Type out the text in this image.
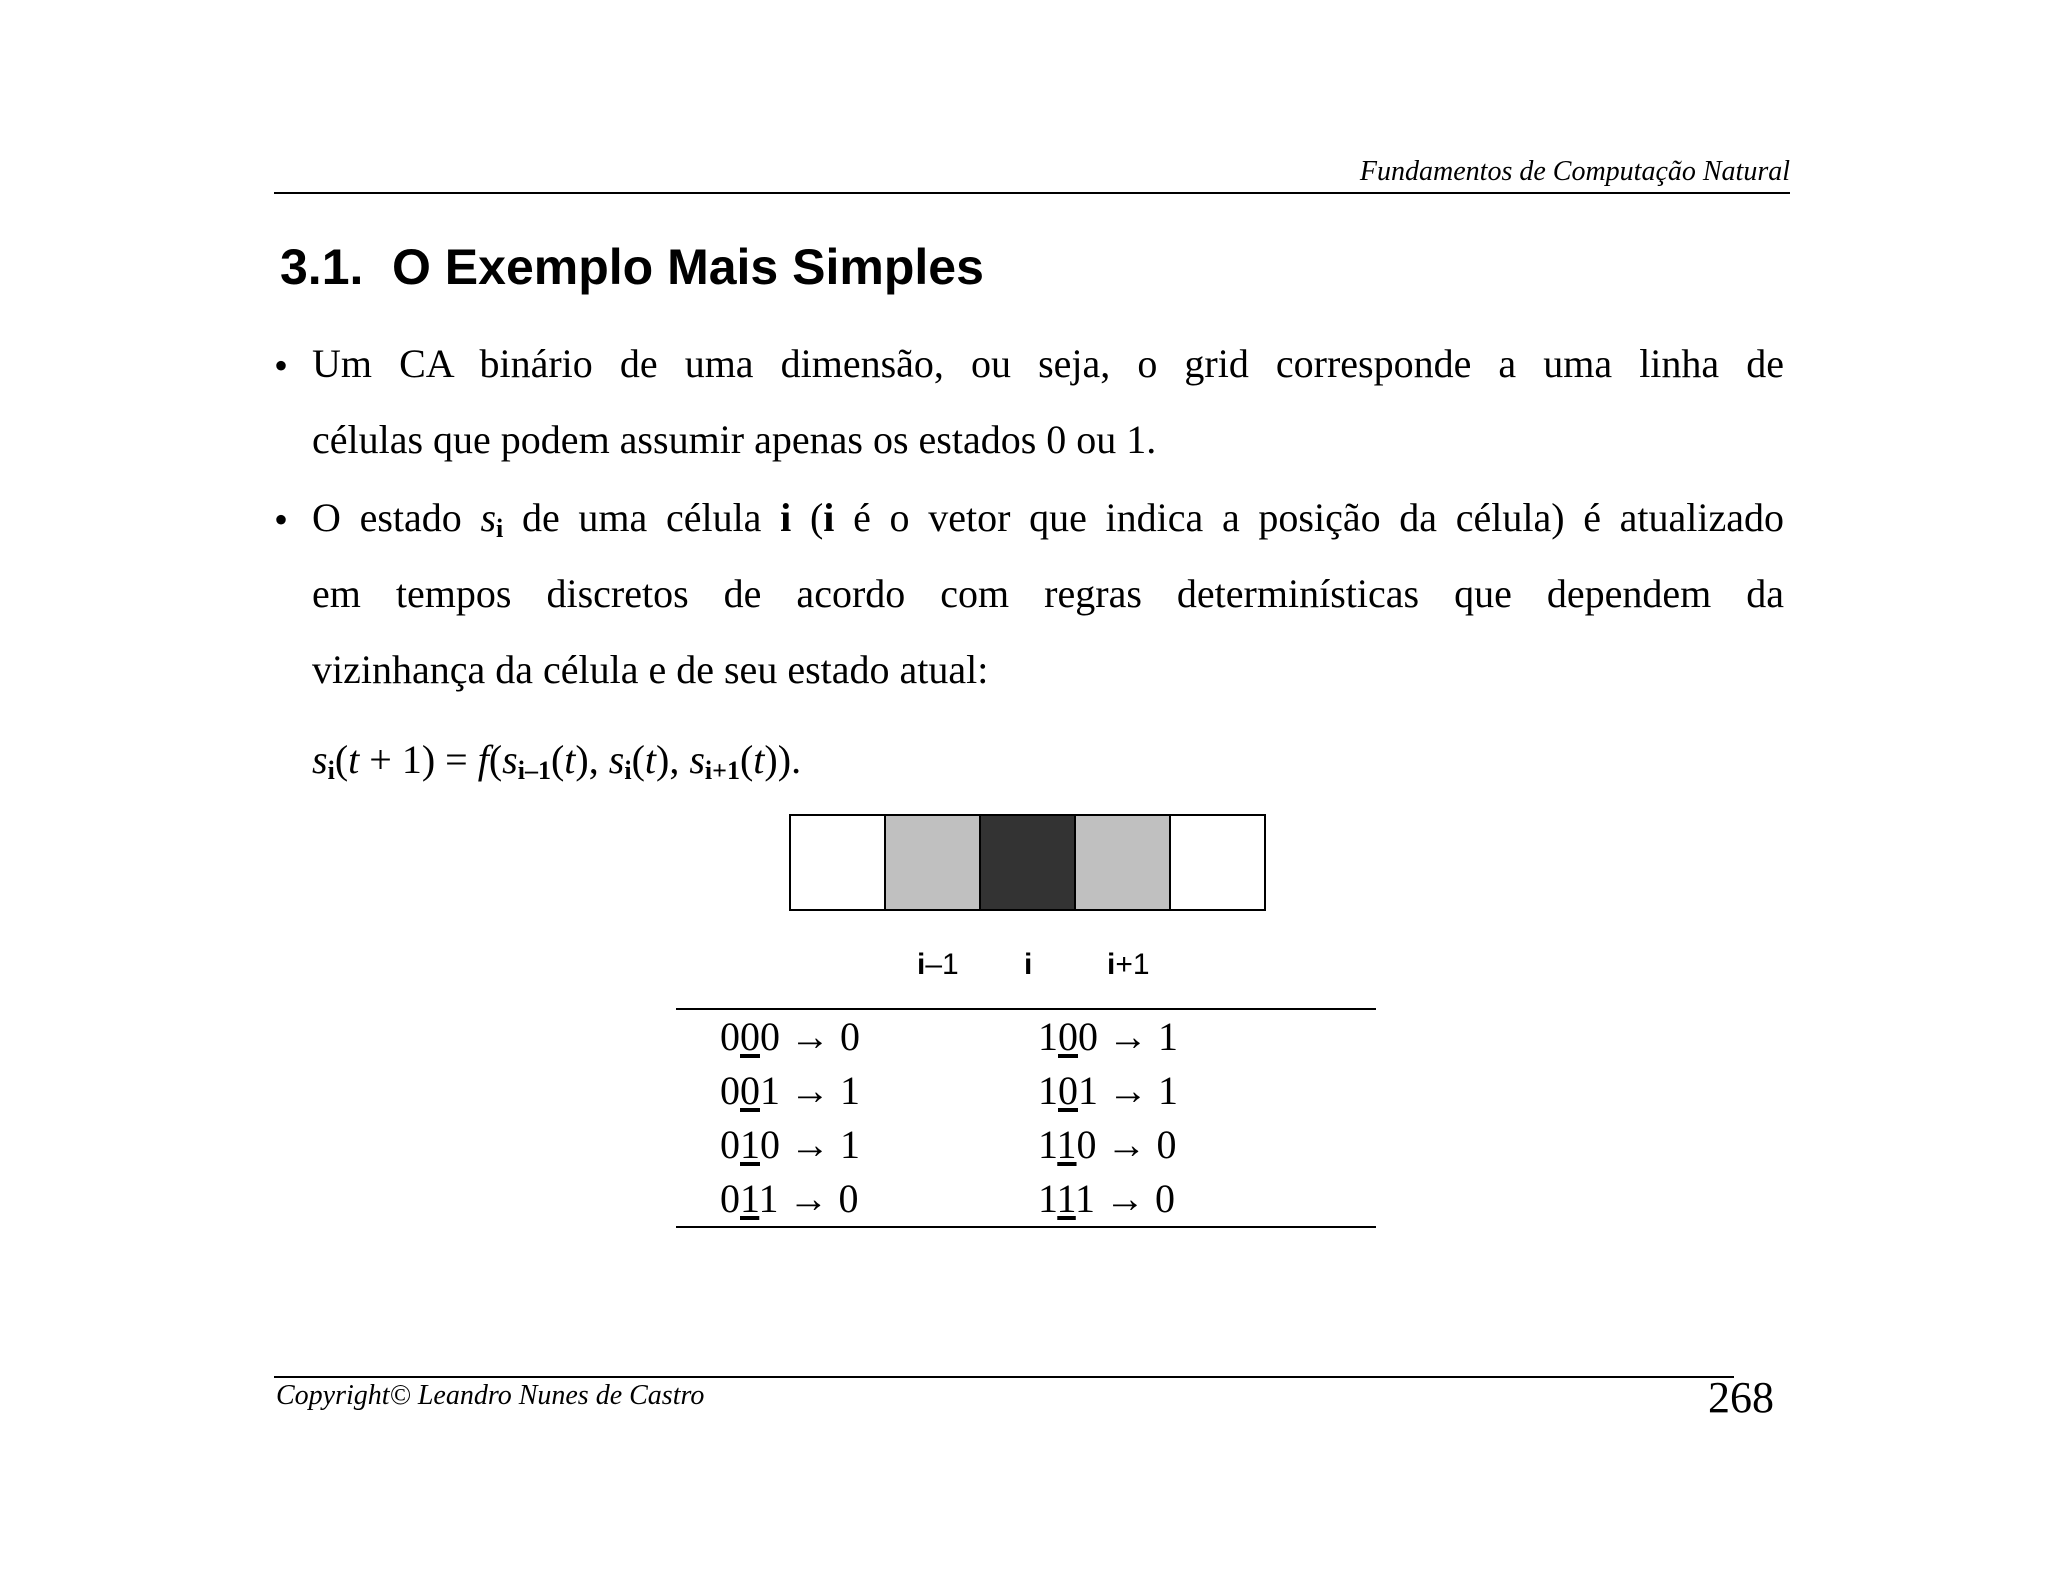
Fundamentos de Computação Natural
3.1. O Exemplo Mais Simples
• Um CA binário de uma dimensão, ou seja, o grid corresponde a uma linha de
células que podem assumir apenas os estados 0 ou 1.
• O estado $s_i$ de uma célula i (i é o vetor que indica a posição da célula) é atualizado
em tempos discretos de acordo com regras determinísticas que dependem da
vizinhança da célula e de seu estado atual:
$s_i(t + 1) = f(s_{i-1}(t)$, $s_i(t)$, $s_{i+1}(t)$).
i–1 i i+1
000 → 0
001 → 1
010 → 1
011 → 0
100 → 1
101 → 1
110 → 0
111 → 0
Copyright© Leandro Nunes de Castro	268
